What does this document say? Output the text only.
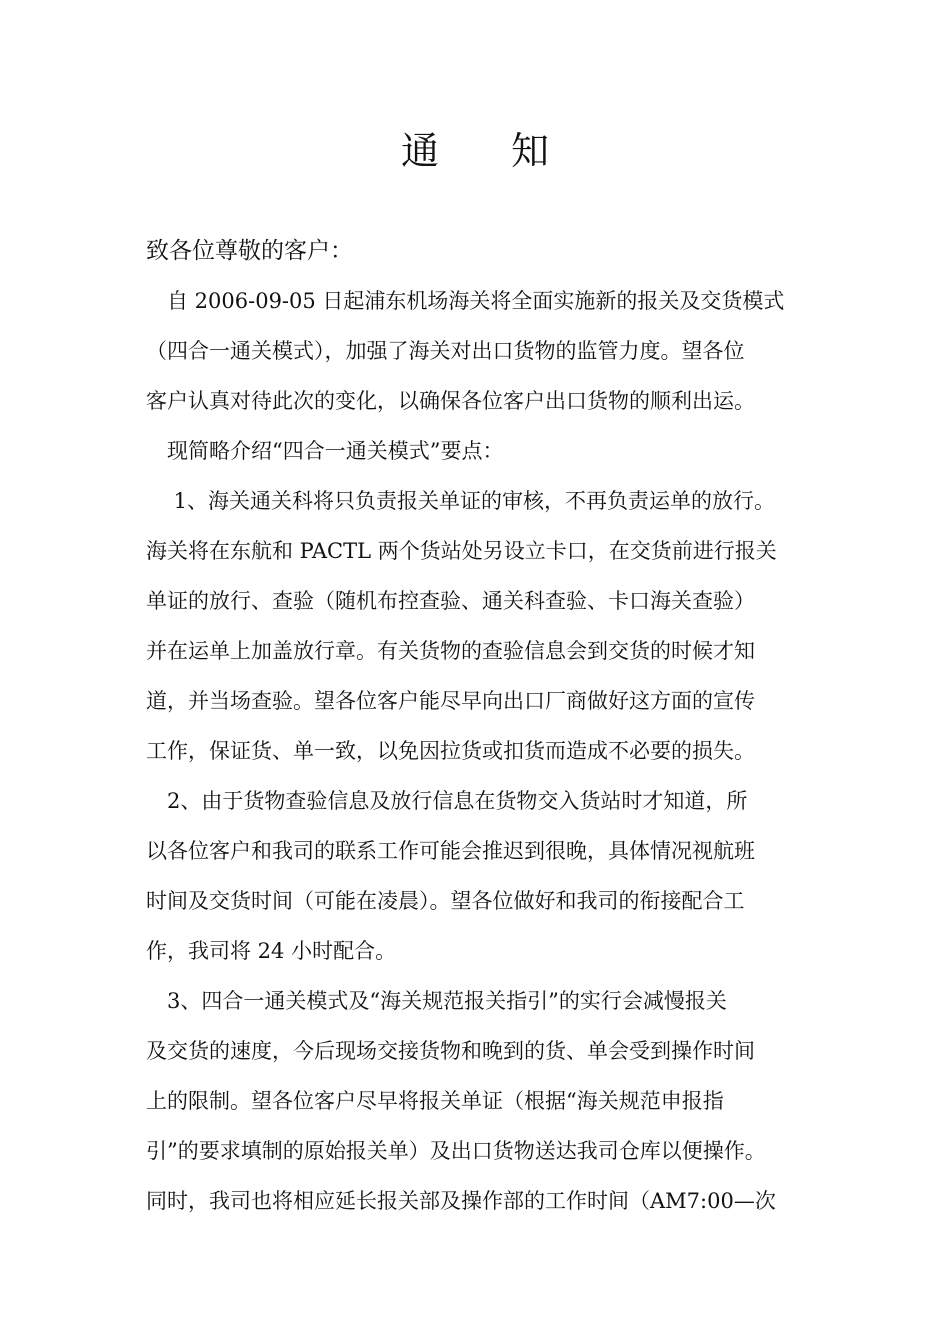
通 知
致各位尊敬的客户：
　自 2006-09-05 日起浦东机场海关将全面实施新的报关及交货模式
（四合一通关模式），加强了海关对出口货物的监管力度。望各位
客户认真对待此次的变化，以确保各位客户出口货物的顺利出运。
　现简略介绍“四合一通关模式”要点：
　 1、海关通关科将只负责报关单证的审核，不再负责运单的放行。
海关将在东航和 PACTL 两个货站处另设立卡口，在交货前进行报关
单证的放行、查验（随机布控查验、通关科查验、卡口海关查验）
并在运单上加盖放行章。有关货物的查验信息会到交货的时候才知
道，并当场查验。望各位客户能尽早向出口厂商做好这方面的宣传
工作，保证货、单一致，以免因拉货或扣货而造成不必要的损失。
　2、由于货物查验信息及放行信息在货物交入货站时才知道，所
以各位客户和我司的联系工作可能会推迟到很晚，具体情况视航班
时间及交货时间（可能在凌晨）。望各位做好和我司的衔接配合工
作，我司将 24 小时配合。
　3、四合一通关模式及“海关规范报关指引”的实行会减慢报关
及交货的速度，今后现场交接货物和晚到的货、单会受到操作时间
上的限制。望各位客户尽早将报关单证（根据“海关规范申报指
引”的要求填制的原始报关单）及出口货物送达我司仓库以便操作。
同时，我司也将相应延长报关部及操作部的工作时间（AM7:00—次
